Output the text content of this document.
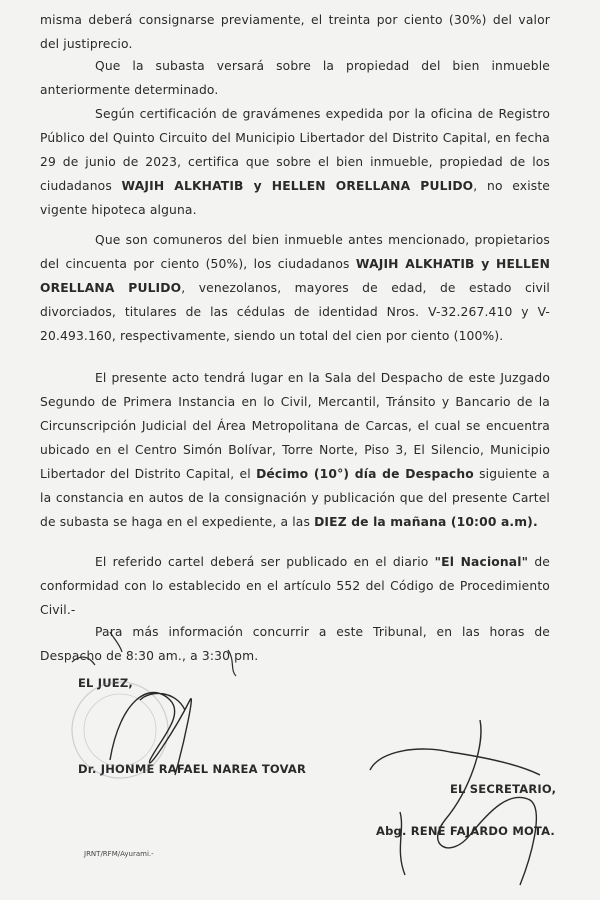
misma deberá consignarse previamente, el treinta por ciento (30%) del valor del justiprecio.
Que la subasta versará sobre la propiedad del bien inmueble anteriormente determinado.
Según certificación de gravámenes expedida por la oficina de Registro Público del Quinto Circuito del Municipio Libertador del Distrito Capital, en fecha 29 de junio de 2023, certifica que sobre el bien inmueble, propiedad de los ciudadanos WAJIH ALKHATIB y HELLEN ORELLANA PULIDO, no existe vigente hipoteca alguna.
Que son comuneros del bien inmueble antes mencionado, propietarios del cincuenta por ciento (50%), los ciudadanos WAJIH ALKHATIB y HELLEN ORELLANA PULIDO, venezolanos, mayores de edad, de estado civil divorciados, titulares de las cédulas de identidad Nros. V-32.267.410 y V-20.493.160, respectivamente, siendo un total del cien por ciento (100%).
El presente acto tendrá lugar en la Sala del Despacho de este Juzgado Segundo de Primera Instancia en lo Civil, Mercantil, Tránsito y Bancario de la Circunscripción Judicial del Área Metropolitana de Carcas, el cual se encuentra ubicado en el Centro Simón Bolívar, Torre Norte, Piso 3, El Silencio, Municipio Libertador del Distrito Capital, el Décimo (10°) día de Despacho siguiente a la constancia en autos de la consignación y publicación que del presente Cartel de subasta se haga en el expediente, a las DIEZ de la mañana (10:00 a.m).
El referido cartel deberá ser publicado en el diario "El Nacional" de conformidad con lo establecido en el artículo 552 del Código de Procedimiento Civil.-
Para más información concurrir a este Tribunal, en las horas de Despacho de 8:30 am., a 3:30 pm.
EL JUEZ,
Dr. JHONME RAFAEL NAREA TOVAR
EL SECRETARIO,
Abg. RENÉ FAJARDO MOTA.
JRNT/RFM/Ayurami.-
